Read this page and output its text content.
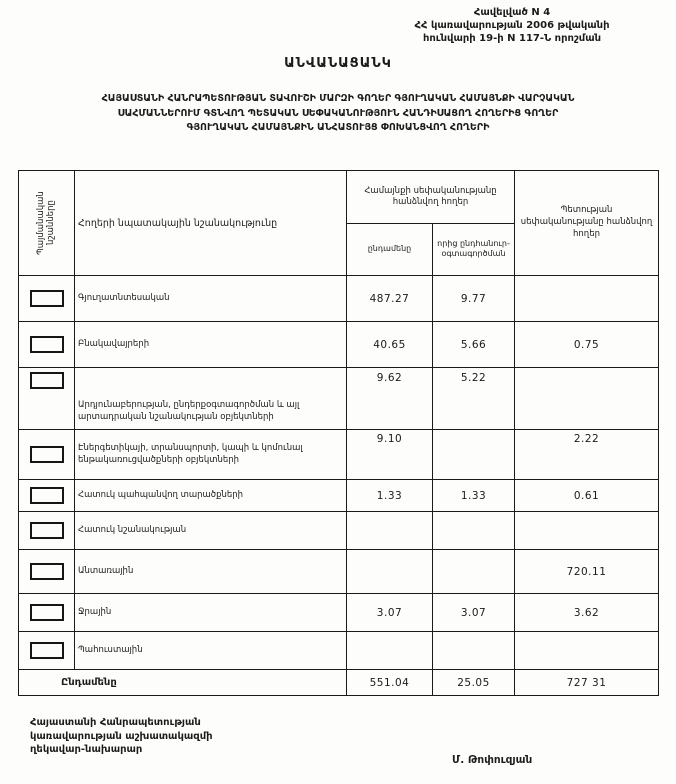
Հավելված N 4
ՀՀ կառավարության 2006 թվականի
հունվարի 19-ի N 117-Ն որոշման
ԱՆՎԱՆԱՑԱՆԿ
ՀԱՅԱՍՏԱՆԻ ՀԱՆՐԱՊԵՏՈՒԹՅԱՆ ՏԱՎՈՒՇԻ ՄԱՐԶԻ ԳՈՂԵՐ ԳՅՈՒՂԱԿԱՆ ՀԱՄԱՅՆՔԻ ՎԱՐՉԱԿԱՆ
ՍԱՀՄԱՆՆԵՐՈՒՄ ԳՏՆՎՈՂ ՊԵՏԱԿԱՆ ՍԵՓԱԿԱՆՈՒԹՅՈՒՆ ՀԱՆԴԻՍԱՑՈՂ ՀՈՂԵՐԻՑ ԳՈՂԵՐ
ԳՅՈՒՂԱԿԱՆ ՀԱՄԱՅՆՔԻՆ ԱՆՀԱՏՈՒՅՑ ՓՈԽԱՆՑՎՈՂ ՀՈՂԵՐԻ
Պայմանական նշանները	Հողերի նպատակային նշանակությունը	Համայնքի սեփականությանը հանձնվող հողեր		Պետության սեփականությանը հանձնվող հողեր
		ընդամենը	որից ընդհանուր-օգտագործման	

	Գյուղատնտեսական	487.27	9.77	

	Բնակավայրերի	40.65	5.66	0.75

	Արդյունաբերության, ընդերքօգտագործման և այլ արտադրական նշանակության օբյեկտների	9.62	5.22	

	Էներգետիկայի, տրանսպորտի, կապի և կոմունալ ենթակառուցվածքների օբյեկտների	9.10		2.22

	Հատուկ պահպանվող տարածքների	1.33	1.33	0.61

	Հատուկ նշանակության			

	Անտառային			720.11

	Ջրային	3.07	3.07	3.62

	Պահուստային			
Ընդամենը		551.04	25.05	727 31
Հայաստանի Հանրապետության
կառավարության աշխատակազմի
ղեկավար-նախարար
Մ. Թոփուզյան
